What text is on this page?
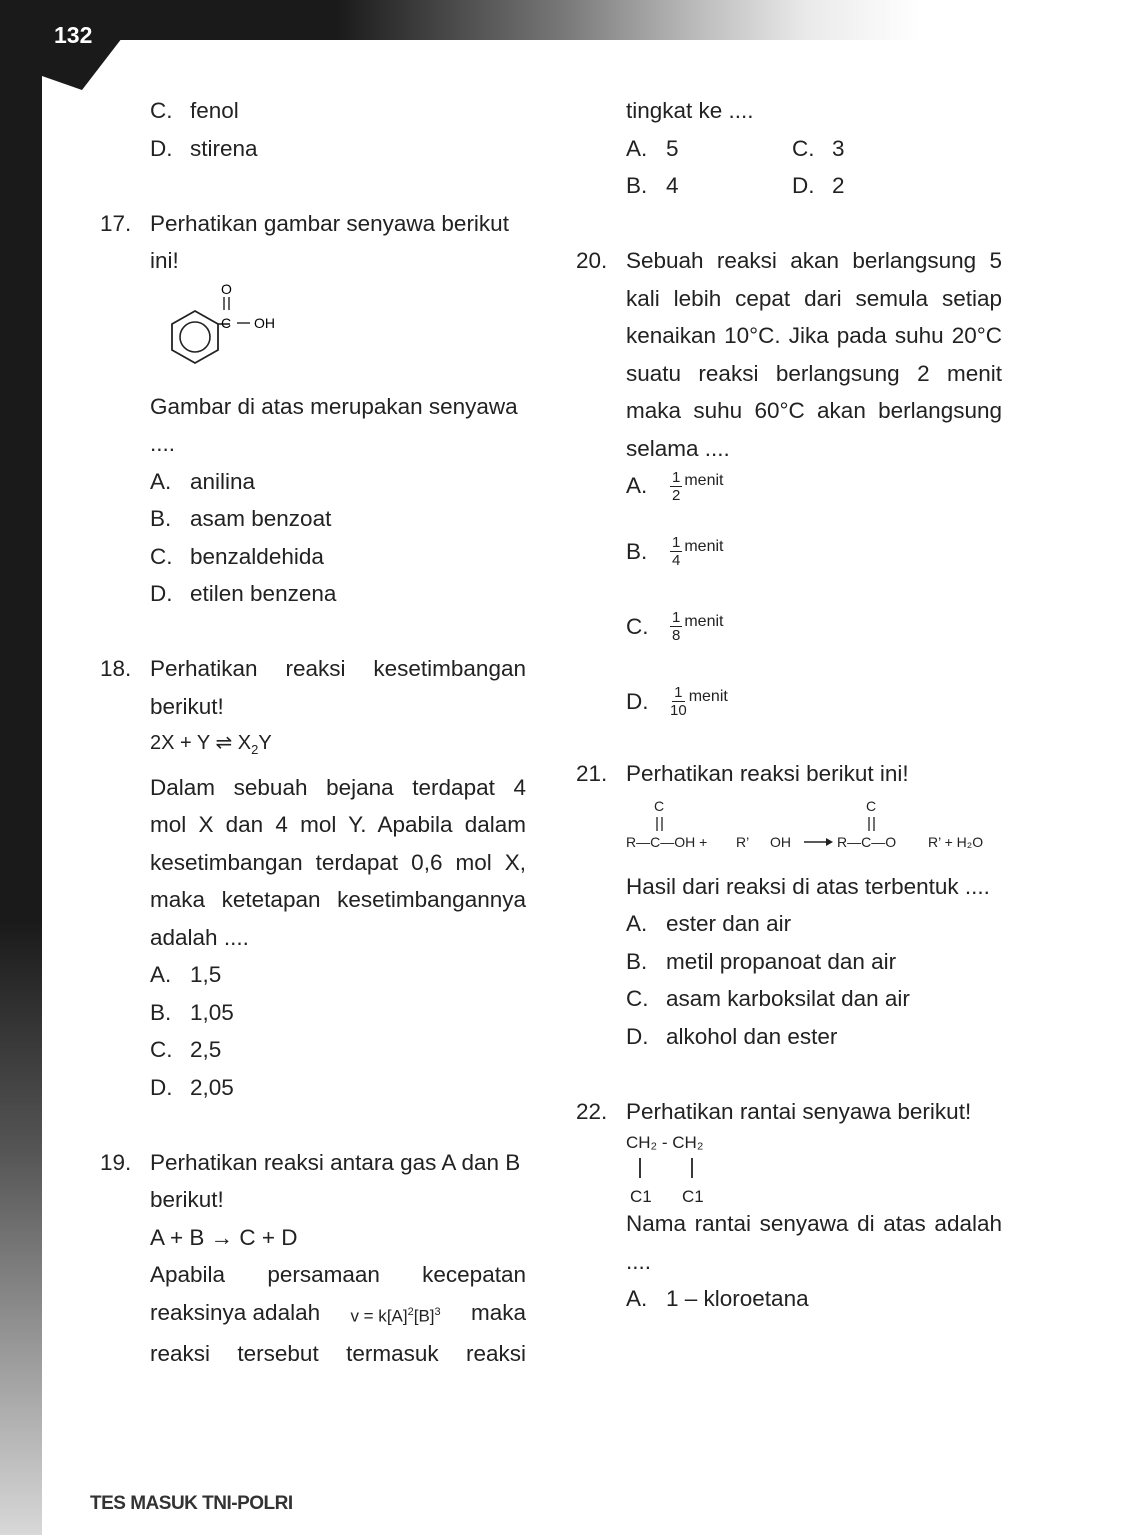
132
C. fenol
D. stirena
17. Perhatikan gambar senyawa berikut
ini!
O
C OH
Gambar di atas merupakan senyawa
....
A. anilina
B. asam benzoat
C. benzaldehida
D. etilen benzena
18. Perhatikan reaksi kesetimbangan
berikut!
2X + Y ⇌ $X_2Y$
Dalam sebuah bejana terdapat 4
mol X dan 4 mol Y. Apabila dalam
kesetimbangan terdapat 0,6 mol X,
maka ketetapan kesetimbangannya
adalah ....
A. 1,5
B. 1,05
C. 2,5
D. 2,05
19. Perhatikan reaksi antara gas A dan B
berikut!
A + B → C + D
Apabila persamaan kecepatan
reaksinya adalah $v = k[A]^2[B]^3$ maka
reaksi tersebut termasuk reaksi
tingkat ke ....
A. 5	C. 3
B. 4	D. 2
20. Sebuah reaksi akan berlangsung 5
kali lebih cepat dari semula setiap
kenaikan 10°C. Jika pada suhu 20°C
suatu reaksi berlangsung 2 menit
maka suhu 60°C akan berlangsung
selama ....
A.	$\frac{1}{2}$ menit
B.	$\frac{1}{4}$ menit
C.	$\frac{1}{8}$ menit
D.	$\frac{1}{10}$ menit
21. Perhatikan reaksi berikut ini!
C
R—C—OH + R’ OH
C
R—C—O R’ + H₂O
Hasil dari reaksi di atas terbentuk ....
A. ester dan air
B. metil propanoat dan air
C. asam karboksilat dan air
D. alkohol dan ester
22. Perhatikan rantai senyawa berikut!
CH₂ - CH₂
C1 C1
Nama rantai senyawa di atas adalah
....
A. 1 – kloroetana
TES MASUK TNI-POLRI
